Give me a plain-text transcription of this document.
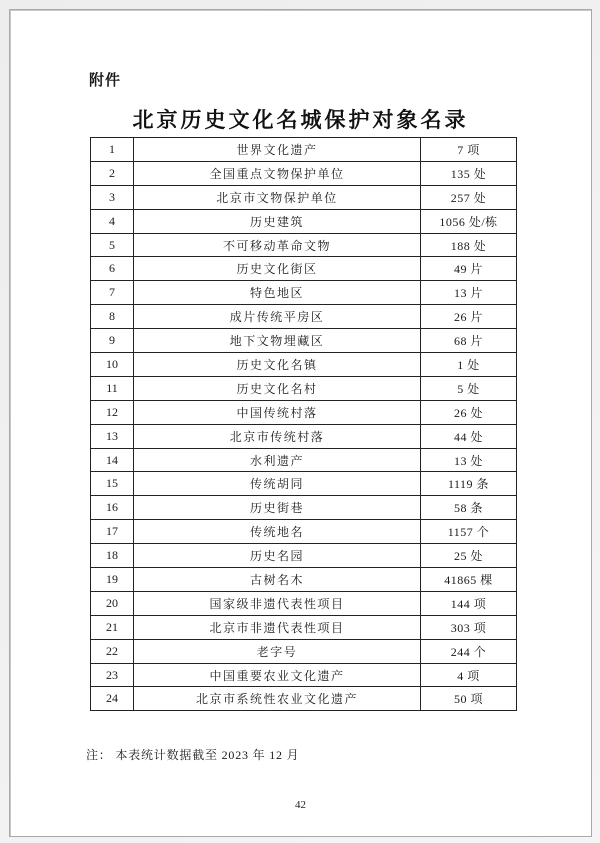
附件
北京历史文化名城保护对象名录
1	世界文化遗产	7 项
2	全国重点文物保护单位	135 处
3	北京市文物保护单位	257 处
4	历史建筑	1056 处/栋
5	不可移动革命文物	188 处
6	历史文化街区	49 片
7	特色地区	13 片
8	成片传统平房区	26 片
9	地下文物埋藏区	68 片
10	历史文化名镇	1 处
11	历史文化名村	5 处
12	中国传统村落	26 处
13	北京市传统村落	44 处
14	水利遗产	13 处
15	传统胡同	1119 条
16	历史街巷	58 条
17	传统地名	1157 个
18	历史名园	25 处
19	古树名木	41865 棵
20	国家级非遗代表性项目	144 项
21	北京市非遗代表性项目	303 项
22	老字号	244 个
23	中国重要农业文化遗产	4 项
24	北京市系统性农业文化遗产	50 项
注： 本表统计数据截至 2023 年 12 月
42
